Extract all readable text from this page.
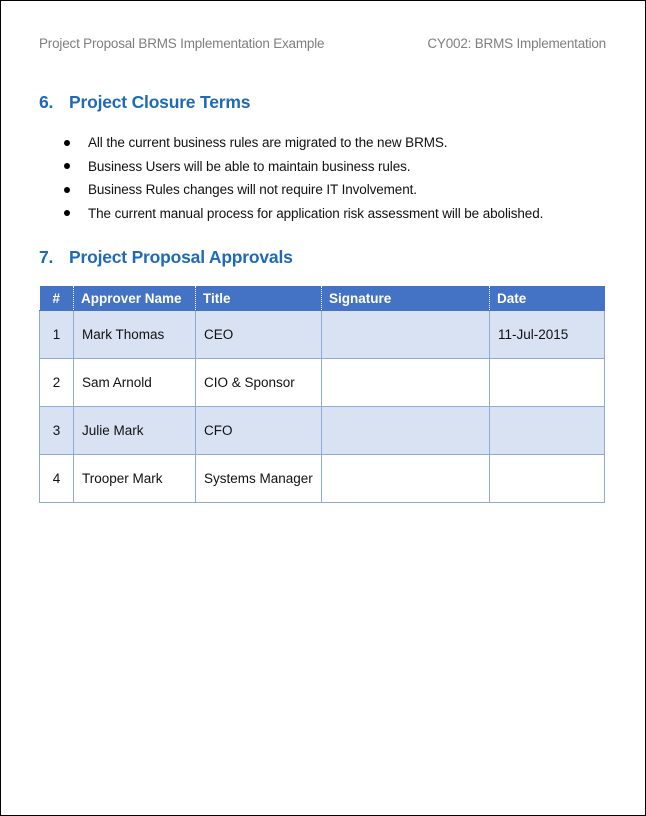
Project Proposal BRMS Implementation Example	CY002: BRMS Implementation
6. Project Closure Terms
All the current business rules are migrated to the new BRMS.
Business Users will be able to maintain business rules.
Business Rules changes will not require IT Involvement.
The current manual process for application risk assessment will be abolished.
7. Project Proposal Approvals
#	Approver Name	Title	Signature	Date
1	Mark Thomas	CEO		11-Jul-2015
2	Sam Arnold	CIO & Sponsor		
3	Julie Mark	CFO		
4	Trooper Mark	Systems Manager		
